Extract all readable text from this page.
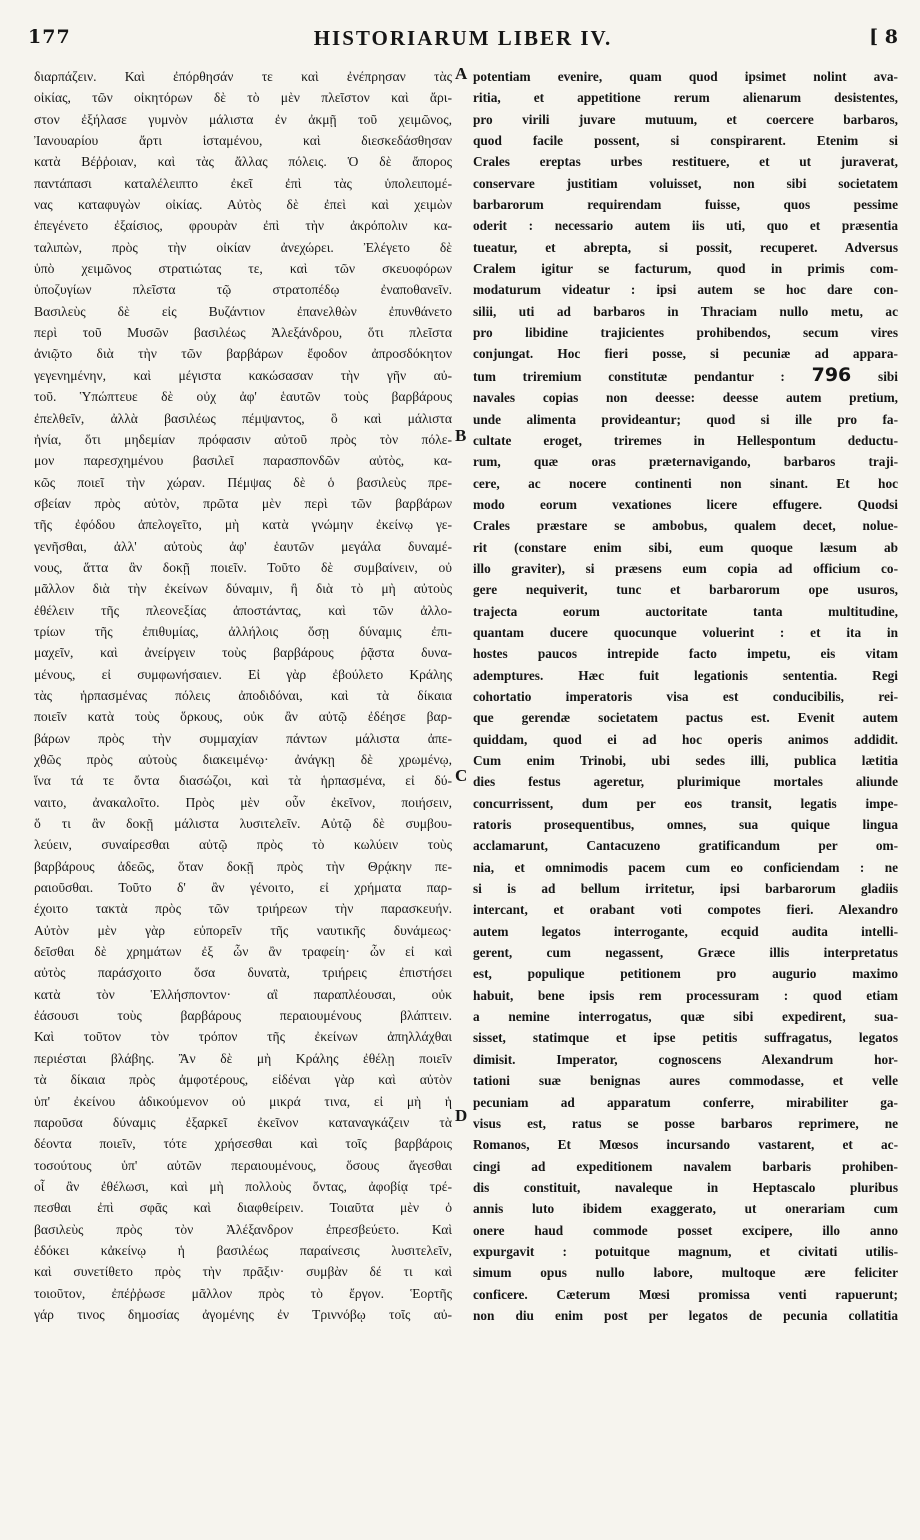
177	HISTORIARUM LIBER IV.	[ 8
διαρπάζειν. Καὶ ἐπόρθησάν τε καὶ ἐνέπρησαν τὰς
οἰκίας, τῶν οἰκητόρων δὲ τὸ μὲν πλεῖστον καὶ ἄρι-
στον ἐξήλασε γυμνὸν μάλιστα ἐν ἀκμῇ τοῦ χειμῶνος,
Ἰανουαρίου ἄρτι ἱσταμένου, καὶ διεσκεδάσθησαν
κατὰ Βέῤῥοιαν, καὶ τὰς ἄλλας πόλεις. Ὁ δὲ ἄπορος
παντάπασι καταλέλειπτο ἐκεῖ ἐπὶ τὰς ὑπολειπομέ-
νας καταφυγὼν οἰκίας. Αὐτὸς δὲ ἐπεὶ καὶ χειμὼν
ἐπεγένετο ἐξαίσιος, φρουρὰν ἐπὶ τὴν ἀκρόπολιν κα-
ταλιπὼν, πρὸς τὴν οἰκίαν ἀνεχώρει. Ἐλέγετο δὲ
ὑπὸ χειμῶνος στρατιώτας τε, καὶ τῶν σκευοφόρων
ὑποζυγίων πλεῖστα τῷ στρατοπέδῳ ἐναποθανεῖν.
Βασιλεὺς δὲ εἰς Βυζάντιον ἐπανελθὼν ἐπυνθάνετο
περὶ τοῦ Μυσῶν βασιλέως Ἀλεξάνδρου, ὅτι πλεῖστα
ἀνιῷτο διὰ τὴν τῶν βαρβάρων ἔφοδον ἀπροσδόκητον
γεγενημένην, καὶ μέγιστα κακώσασαν τὴν γῆν αὐ-
τοῦ. Ὑπώπτευε δὲ οὐχ ἀφ' ἑαυτῶν τοὺς βαρβάρους
ἐπελθεῖν, ἀλλὰ βασιλέως πέμψαντος, ὃ καὶ μάλιστα
ἠνία, ὅτι μηδεμίαν πρόφασιν αὐτοῦ πρὸς τὸν πόλε-
μον παρεσχημένου βασιλεῖ παρασπονδῶν αὐτὸς, κα-
κῶς ποιεῖ τὴν χώραν. Πέμψας δὲ ὁ βασιλεὺς πρε-
σβείαν πρὸς αὐτὸν, πρῶτα μὲν περὶ τῶν βαρβάρων
τῆς ἐφόδου ἀπελογεῖτο, μὴ κατὰ γνώμην ἐκείνῳ γε-
γενῆσθαι, ἀλλ' αὐτοὺς ἀφ' ἑαυτῶν μεγάλα δυναμέ-
νους, ἅττα ἂν δοκῇ ποιεῖν. Τοῦτο δὲ συμβαίνειν, οὐ
μᾶλλον διὰ τὴν ἐκείνων δύναμιν, ἢ διὰ τὸ μὴ αὐτοὺς
ἐθέλειν τῆς πλεονεξίας ἀποστάντας, καὶ τῶν ἀλλο-
τρίων τῆς ἐπιθυμίας, ἀλλήλοις ὅσῃ δύναμις ἐπι-
μαχεῖν, καὶ ἀνείργειν τοὺς βαρβάρους ῥᾷστα δυνα-
μένους, εἰ συμφωνήσαιεν. Εἰ γὰρ ἐβούλετο Κράλης
τὰς ἡρπασμένας πόλεις ἀποδιδόναι, καὶ τὰ δίκαια
ποιεῖν κατὰ τοὺς ὅρκους, οὐκ ἂν αὐτῷ ἐδέησε βαρ-
βάρων πρὸς τὴν συμμαχίαν πάντων μάλιστα ἀπε-
χθῶς πρὸς αὐτοὺς διακειμένῳ· ἀνάγκῃ δὲ χρωμένῳ,
ἵνα τά τε ὄντα διασώζοι, καὶ τὰ ἡρπασμένα, εἰ δύ-
ναιτο, ἀνακαλοῖτο. Πρὸς μὲν οὖν ἐκεῖνον, ποιήσειν,
ὅ τι ἂν δοκῇ μάλιστα λυσιτελεῖν. Αὐτῷ δὲ συμβου-
λεύειν, συναίρεσθαι αὐτῷ πρὸς τὸ κωλύειν τοὺς
βαρβάρους ἀδεῶς, ὅταν δοκῇ πρὸς τὴν Θρᾴκην πε-
ραιοῦσθαι. Τοῦτο δ' ἂν γένοιτο, εἰ χρήματα παρ-
έχοιτο τακτὰ πρὸς τῶν τριήρεων τὴν παρασκευήν.
Αὐτὸν μὲν γὰρ εὐπορεῖν τῆς ναυτικῆς δυνάμεως·
δεῖσθαι δὲ χρημάτων ἐξ ὧν ἂν τραφείη· ὧν εἰ καὶ
αὐτὸς παράσχοιτο ὅσα δυνατὰ, τριήρεις ἐπιστήσει
κατὰ τὸν Ἑλλήσποντον· αἳ παραπλέουσαι, οὐκ
ἐάσουσι τοὺς βαρβάρους περαιουμένους βλάπτειν.
Καὶ τοῦτον τὸν τρόπον τῆς ἐκείνων ἀπηλλάχθαι
περιέσται βλάβης. Ἂν δὲ μὴ Κράλης ἐθέλῃ ποιεῖν
τὰ δίκαια πρὸς ἀμφοτέρους, εἰδέναι γὰρ καὶ αὐτὸν
ὑπ' ἐκείνου ἀδικούμενον οὐ μικρά τινα, εἰ μὴ ἡ
παροῦσα δύναμις ἐξαρκεῖ ἐκεῖνον καταναγκάζειν τὰ
δέοντα ποιεῖν, τότε χρήσεσθαι καὶ τοῖς βαρβάροις
τοσούτους ὑπ' αὐτῶν περαιουμένους, ὅσους ἄγεσθαι
οἷ ἂν ἐθέλωσι, καὶ μὴ πολλοὺς ὄντας, ἀφοβίᾳ τρέ-
πεσθαι ἐπὶ σφᾶς καὶ διαφθείρειν. Τοιαῦτα μὲν ὁ
βασιλεὺς πρὸς τὸν Ἀλέξανδρον ἐπρεσβεύετο. Καὶ
ἐδόκει κἀκείνῳ ἡ βασιλέως παραίνεσις λυσιτελεῖν,
καὶ συνετίθετο πρὸς τὴν πρᾶξιν· συμβὰν δέ τι καὶ
τοιοῦτον, ἐπέῤῥωσε μᾶλλον πρὸς τὸ ἔργον. Ἑορτῆς
γάρ τινος δημοσίας ἀγομένης ἐν Τριννόβῳ τοῖς αὐ-
potentiam evenire, quam quod ipsimet nolint ava-
ritia, et appetitione rerum alienarum desistentes,
pro virili juvare mutuum, et coercere barbaros,
quod facile possent, si conspirarent. Etenim si
Crales ereptas urbes restituere, et ut juraverat,
conservare justitiam voluisset, non sibi societatem
barbarorum requirendam fuisse, quos pessime
oderit : necessario autem iis uti, quo et præsentia
tueatur, et abrepta, si possit, recuperet. Adversus
Cralem igitur se facturum, quod in primis com-
modaturum videatur : ipsi autem se hoc dare con-
silii, uti ad barbaros in Thraciam nullo metu, ac
pro libidine trajicientes prohibendos, secum vires
conjungat. Hoc fieri posse, si pecuniæ ad appara-
tum triremium constitutæ pendantur : 796 sibi
navales copias non deesse: deesse autem pretium,
unde alimenta provideantur; quod si ille pro fa-
cultate eroget, triremes in Hellespontum deductu-
rum, quæ oras præternavigando, barbaros traji-
cere, ac nocere continenti non sinant. Et hoc
modo eorum vexationes licere effugere. Quodsi
Crales præstare se ambobus, qualem decet, noluе-
rit (constare enim sibi, eum quoque læsum ab
illo graviter), si præsens eum copia ad officium co-
gere nequiverit, tunc et barbarorum ope usuros,
trajecta eorum auctoritate tanta multitudine,
quantam ducere quocunque voluerint : et ita in
hostes paucos intrepide facto impetu, eis vitam
ademptures. Hæc fuit legationis sententia. Regi
cohortatio imperatoris visa est conducibilis, rei-
que gerendæ societatem pactus est. Evenit autem
quiddam, quod ei ad hoc operis animos addidit.
Cum enim Trinobi, ubi sedes illi, publica lætitia
dies festus ageretur, plurimique mortales aliunde
concurrissent, dum per eos transit, legatis impe-
ratoris prosequentibus, omnes, sua quique lingua
acclamarunt, Cantacuzeno gratificandum per om-
nia, et omnimodis pacem cum eo conficiendam : ne
si is ad bellum irritetur, ipsi barbarorum gladiis
intercant, et orabant voti compotes fieri. Alexandro
autem legatos interrogante, ecquid audita intelli-
gerent, cum negassent, Græce illis interpretatus
est, populique petitionem pro augurio maximo
habuit, bene ipsis rem processuram : quod etiam
a nemine interrogatus, quæ sibi expedirent, sua-
sisset, statimque et ipse petitis suffragatus, legatos
dimisit. Imperator, cognoscens Alexandrum hor-
tationi suæ benignas aures commodasse, et velle
pecuniam ad apparatum conferre, mirabiliter ga-
visus est, ratus se posse barbaros reprimere, ne
Romanos, Et Mœsos incursando vastarent, et ac-
cingi ad expeditionem navalem barbaris prohiben-
dis constituit, navaleque in Heptascalo pluribus
annis luto ibidem exaggerato, ut onerariam cum
onere haud commode posset excipere, illo anno
expurgavit : potuitque magnum, et civitati utilis-
simum opus nullo labore, multoque ære feliciter
conficere. Cæterum Mœsi promissa venti rapuerunt;
non diu enim post per legatos de pecunia collatitia
A
B
C
D
